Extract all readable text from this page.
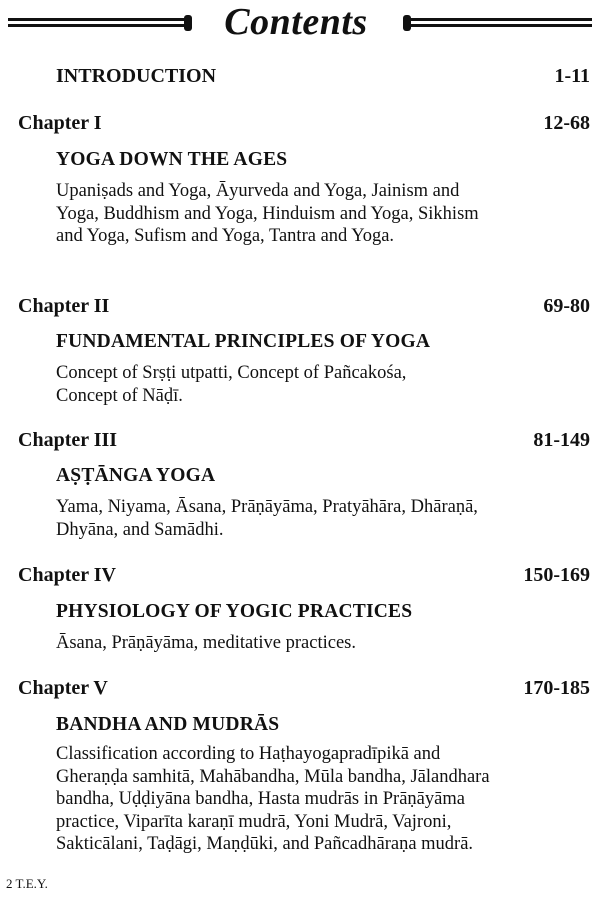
Contents
INTRODUCTION	1-11
Chapter I	12-68
YOGA DOWN THE AGES
Upaniṣads and Yoga, Āyurveda and Yoga, Jainism and Yoga, Buddhism and Yoga, Hinduism and Yoga, Sikhism and Yoga, Sufism and Yoga, Tantra and Yoga.
Chapter II	69-80
FUNDAMENTAL PRINCIPLES OF YOGA
Concept of Srṣṭi utpatti, Concept of Pañcakośa, Concept of Nāḍī.
Chapter III	81-149
AṢṬĀNGA YOGA
Yama, Niyama, Āsana, Prāṇāyāma, Pratyāhāra, Dhāraṇā, Dhyāna, and Samādhi.
Chapter IV	150-169
PHYSIOLOGY OF YOGIC PRACTICES
Āsana, Prāṇāyāma, meditative practices.
Chapter V	170-185
BANDHA AND MUDRĀS
Classification according to Haṭhayogapradīpikā and Gheraṇḍa samhitā, Mahābandha, Mūla bandha, Jālandhara bandha, Uḍḍiyāna bandha, Hasta mudrās in Prāṇāyāma practice, Viparīta karaṇī mudrā, Yoni Mudrā, Vajroni, Sakticālani, Taḍāgi, Maṇḍūki, and Pañcadhāraṇa mudrā.
2 T.E.Y.
